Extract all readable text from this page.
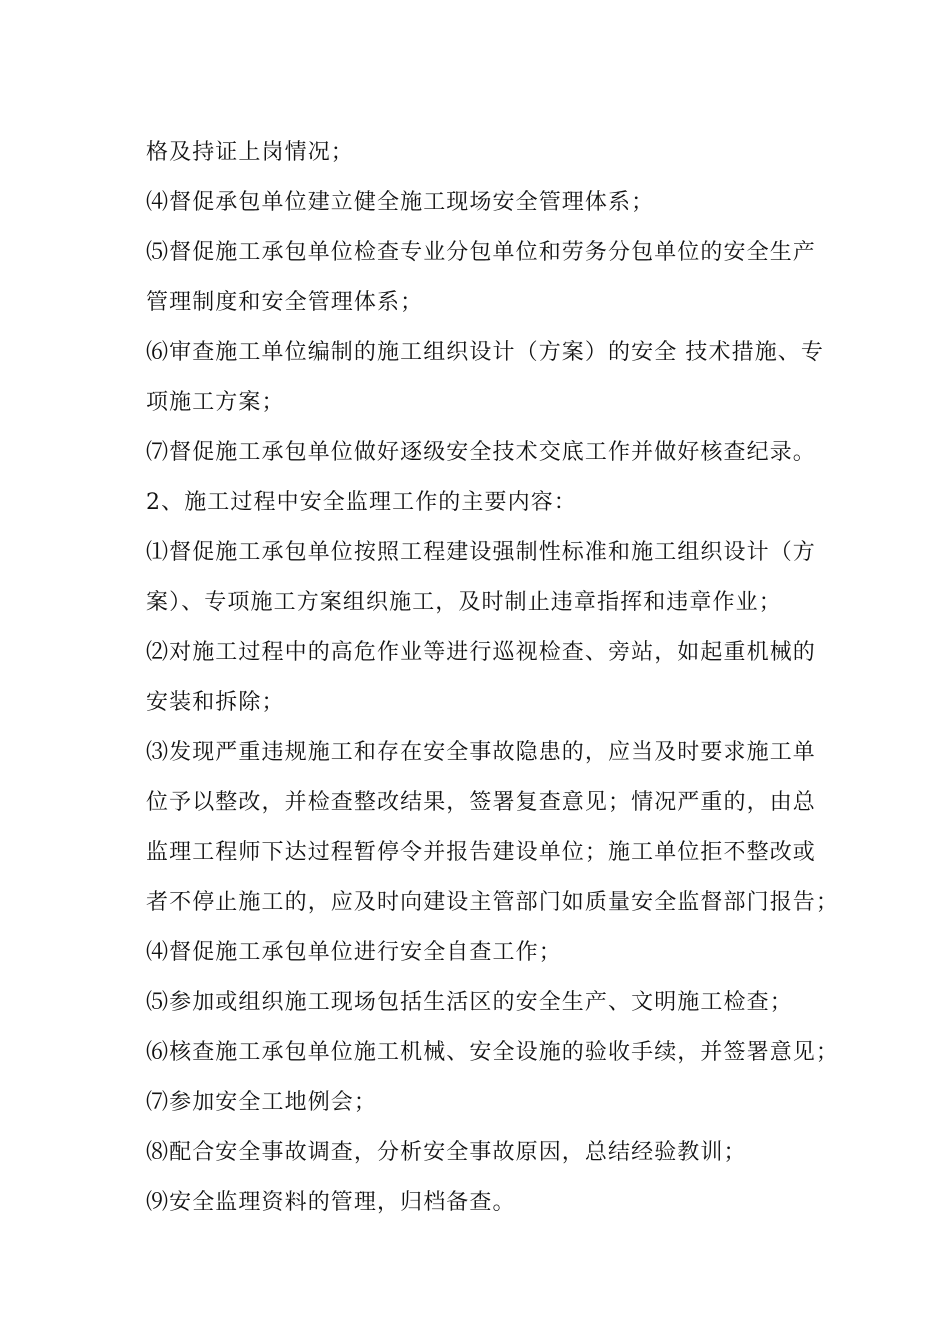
格及持证上岗情况；
⑷督促承包单位建立健全施工现场安全管理体系；
⑸督促施工承包单位检查专业分包单位和劳务分包单位的安全生产
管理制度和安全管理体系；
⑹审查施工单位编制的施工组织设计（方案）的安全 技术措施、专
项施工方案；
⑺督促施工承包单位做好逐级安全技术交底工作并做好核查纪录。
2、施工过程中安全监理工作的主要内容：
⑴督促施工承包单位按照工程建设强制性标准和施工组织设计（方
案）、专项施工方案组织施工，及时制止违章指挥和违章作业；
⑵对施工过程中的高危作业等进行巡视检查、旁站，如起重机械的
安装和拆除；
⑶发现严重违规施工和存在安全事故隐患的，应当及时要求施工单
位予以整改，并检查整改结果，签署复查意见；情况严重的，由总
监理工程师下达过程暂停令并报告建设单位；施工单位拒不整改或
者不停止施工的，应及时向建设主管部门如质量安全监督部门报告；
⑷督促施工承包单位进行安全自查工作；
⑸参加或组织施工现场包括生活区的安全生产、文明施工检查；
⑹核查施工承包单位施工机械、安全设施的验收手续，并签署意见；
⑺参加安全工地例会；
⑻配合安全事故调查，分析安全事故原因，总结经验教训；
⑼安全监理资料的管理，归档备查。
